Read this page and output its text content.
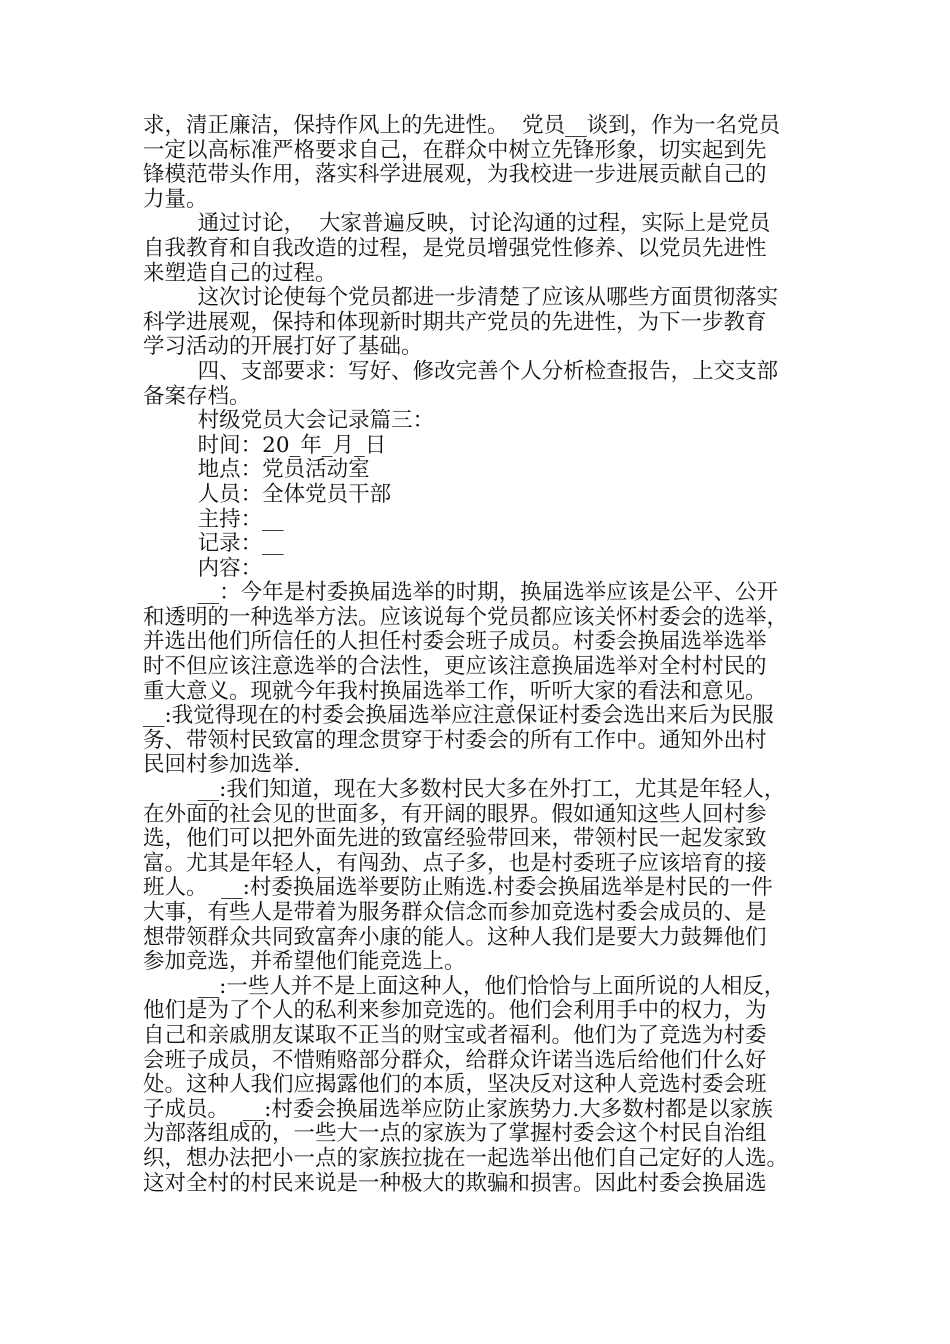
求，清正廉洁，保持作风上的先进性。  党员__谈到，作为一名党员
一定以高标准严格要求自己，在群众中树立先锋形象，切实起到先
锋模范带头作用，落实科学进展观，为我校进一步进展贡献自己的
力量。
通过讨论，  大家普遍反映，讨论沟通的过程，实际上是党员
自我教育和自我改造的过程，是党员增强党性修养、以党员先进性
来塑造自己的过程。
这次讨论使每个党员都进一步清楚了应该从哪些方面贯彻落实
科学进展观，保持和体现新时期共产党员的先进性，为下一步教育
学习活动的开展打好了基础。
四、支部要求：写好、修改完善个人分析检查报告，上交支部
备案存档。
村级党员大会记录篇三：
时间：20_年_月_日
地点：党员活动室
人员：全体党员干部
主持：__
记录：__
内容：
__：今年是村委换届选举的时期，换届选举应该是公平、公开
和透明的一种选举方法。应该说每个党员都应该关怀村委会的选举，
并选出他们所信任的人担任村委会班子成员。村委会换届选举选举
时不但应该注意选举的合法性，更应该注意换届选举对全村村民的
重大意义。现就今年我村换届选举工作，听听大家的看法和意见。
__:我觉得现在的村委会换届选举应注意保证村委会选出来后为民服
务、带领村民致富的理念贯穿于村委会的所有工作中。通知外出村
民回村参加选举.
__:我们知道，现在大多数村民大多在外打工，尤其是年轻人，
在外面的社会见的世面多，有开阔的眼界。假如通知这些人回村参
选，他们可以把外面先进的致富经验带回来，带领村民一起发家致
富。尤其是年轻人，有闯劲、点子多，也是村委班子应该培育的接
班人。  __:村委换届选举要防止贿选.村委会换届选举是村民的一件
大事，有些人是带着为服务群众信念而参加竞选村委会成员的、是
想带领群众共同致富奔小康的能人。这种人我们是要大力鼓舞他们
参加竞选，并希望他们能竞选上。
__:一些人并不是上面这种人，他们恰恰与上面所说的人相反，
他们是为了个人的私利来参加竞选的。他们会利用手中的权力，为
自己和亲戚朋友谋取不正当的财宝或者福利。他们为了竞选为村委
会班子成员，不惜贿赂部分群众，给群众许诺当选后给他们什么好
处。这种人我们应揭露他们的本质，坚决反对这种人竞选村委会班
子成员。  __:村委会换届选举应防止家族势力.大多数村都是以家族
为部落组成的，一些大一点的家族为了掌握村委会这个村民自治组
织，想办法把小一点的家族拉拢在一起选举出他们自己定好的人选。
这对全村的村民来说是一种极大的欺骗和损害。因此村委会换届选
